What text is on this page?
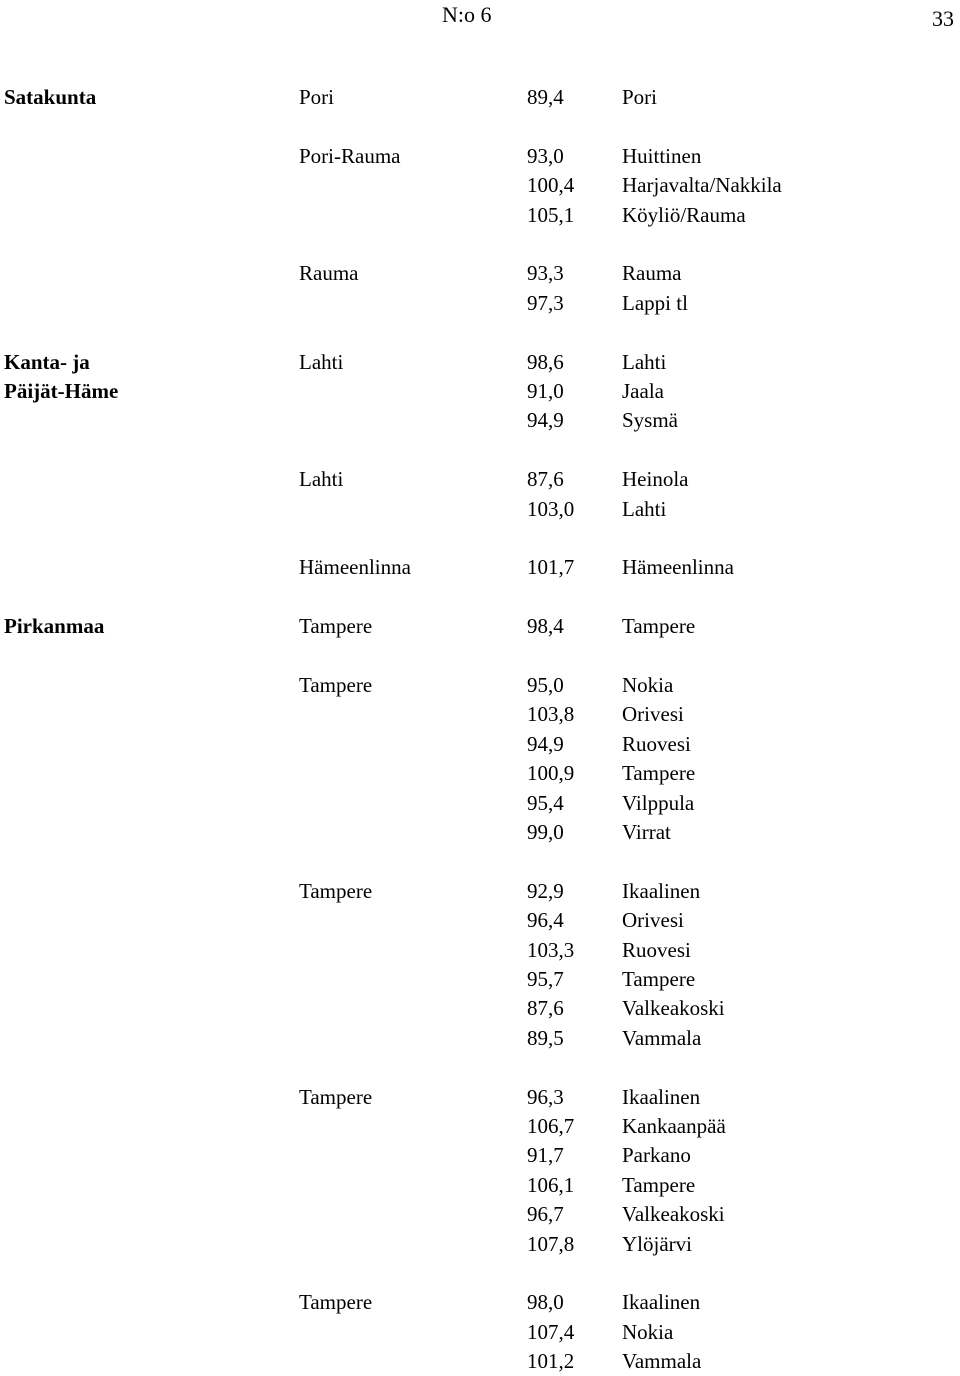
N:o 6	33
Satakunta	Pori	89,4	Pori
Pori-Rauma	93,0	Huittinen
100,4 Harjavalta/Nakkila
105,1 Köyliö/Rauma
Rauma	93,3	Rauma
97,3	Lappi tl
Kanta- ja	Lahti	98,6	Lahti
Päijät-Häme	91,0	Jaala
94,9	Sysmä
Lahti	87,6	Heinola
103,0 Lahti
Hämeenlinna	101,7 Hämeenlinna
Pirkanmaa	Tampere	98,4	Tampere
Tampere	95,0	Nokia
103,8 Orivesi
94,9	Ruovesi
100,9 Tampere
95,4	Vilppula
99,0	Virrat
Tampere	92,9	Ikaalinen
96,4	Orivesi
103,3 Ruovesi
95,7	Tampere
87,6	Valkeakoski
89,5	Vammala
Tampere	96,3	Ikaalinen
106,7 Kankaanpää
91,7	Parkano
106,1 Tampere
96,7	Valkeakoski
107,8 Ylöjärvi
Tampere	98,0	Ikaalinen
107,4 Nokia
101,2 Vammala
